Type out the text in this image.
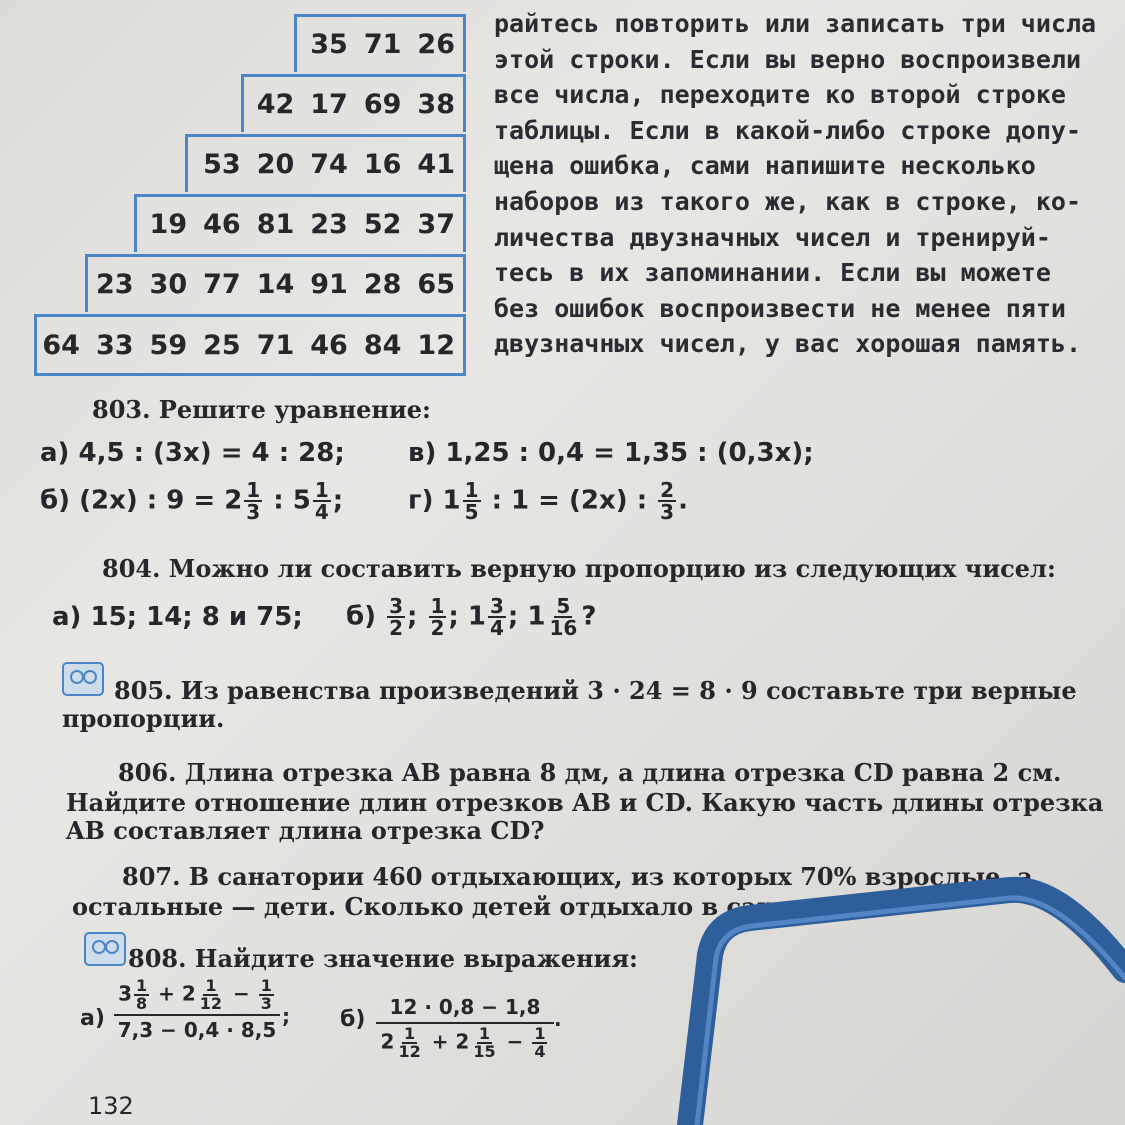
35 71 26
42 17 69 38
53 20 74 16 41
19 46 81 23 52 37
23 30 77 14 91 28 65
64 33 59 25 71 46 84 12
райтесь повторить или записать три числа
этой строки. Если вы верно воспроизвели
все числа, переходите ко второй строке
таблицы. Если в какой-либо строке допу-
щена ошибка, сами напишите несколько
наборов из такого же, как в строке, ко-
личества двузначных чисел и тренируй-
тесь в их запоминании. Если вы можете
без ошибок воспроизвести не менее пяти
двузначных чисел, у вас хорошая память.
803. Решите уравнение:
а) 4,5 : (3x) = 4 : 28; в) 1,25 : 0,4 = 1,35 : (0,3x);
б) (2x) : $9 = 2 \frac{1}{3}$ : $5 \frac{1}{4}$ ; г) $1 \frac{1}{5}$ : 1 = (2x) : $\frac{2}{3}$ .
804. Можно ли составить верную пропорцию из следующих чисел:
а) 15; 14; 8 и 75; $б) \frac{3}{2}$ ; $\frac{1}{2}$ ; $1 \frac{3}{4}$ ; $1 \frac{5}{16}$ ?
805. Из равенства произведений 3 · 24 = 8 · 9 составьте три верные
пропорции.
806. Длина отрезка AB равна 8 дм, а длина отрезка CD равна 2 см.
Найдите отношение длин отрезков AB и CD. Какую часть длины отрезка
AB составляет длина отрезка CD?
807. В санатории 460 отдыхающих, из которых 70% взрослые, а
остальные — дети. Сколько детей отдыхало в санатории?
808. Найдите значение выражения:
$а) \frac{3 \frac{1}{8} + 2 \frac{1}{12} - \frac{1}{3}}{7,3 - 0,4 \cdot 8,5}$ ; $б) \frac{12 \cdot 0,8 - 1,8}{2 \frac{1}{12} + 2 \frac{1}{15} - \frac{1}{4}}$ .
132
